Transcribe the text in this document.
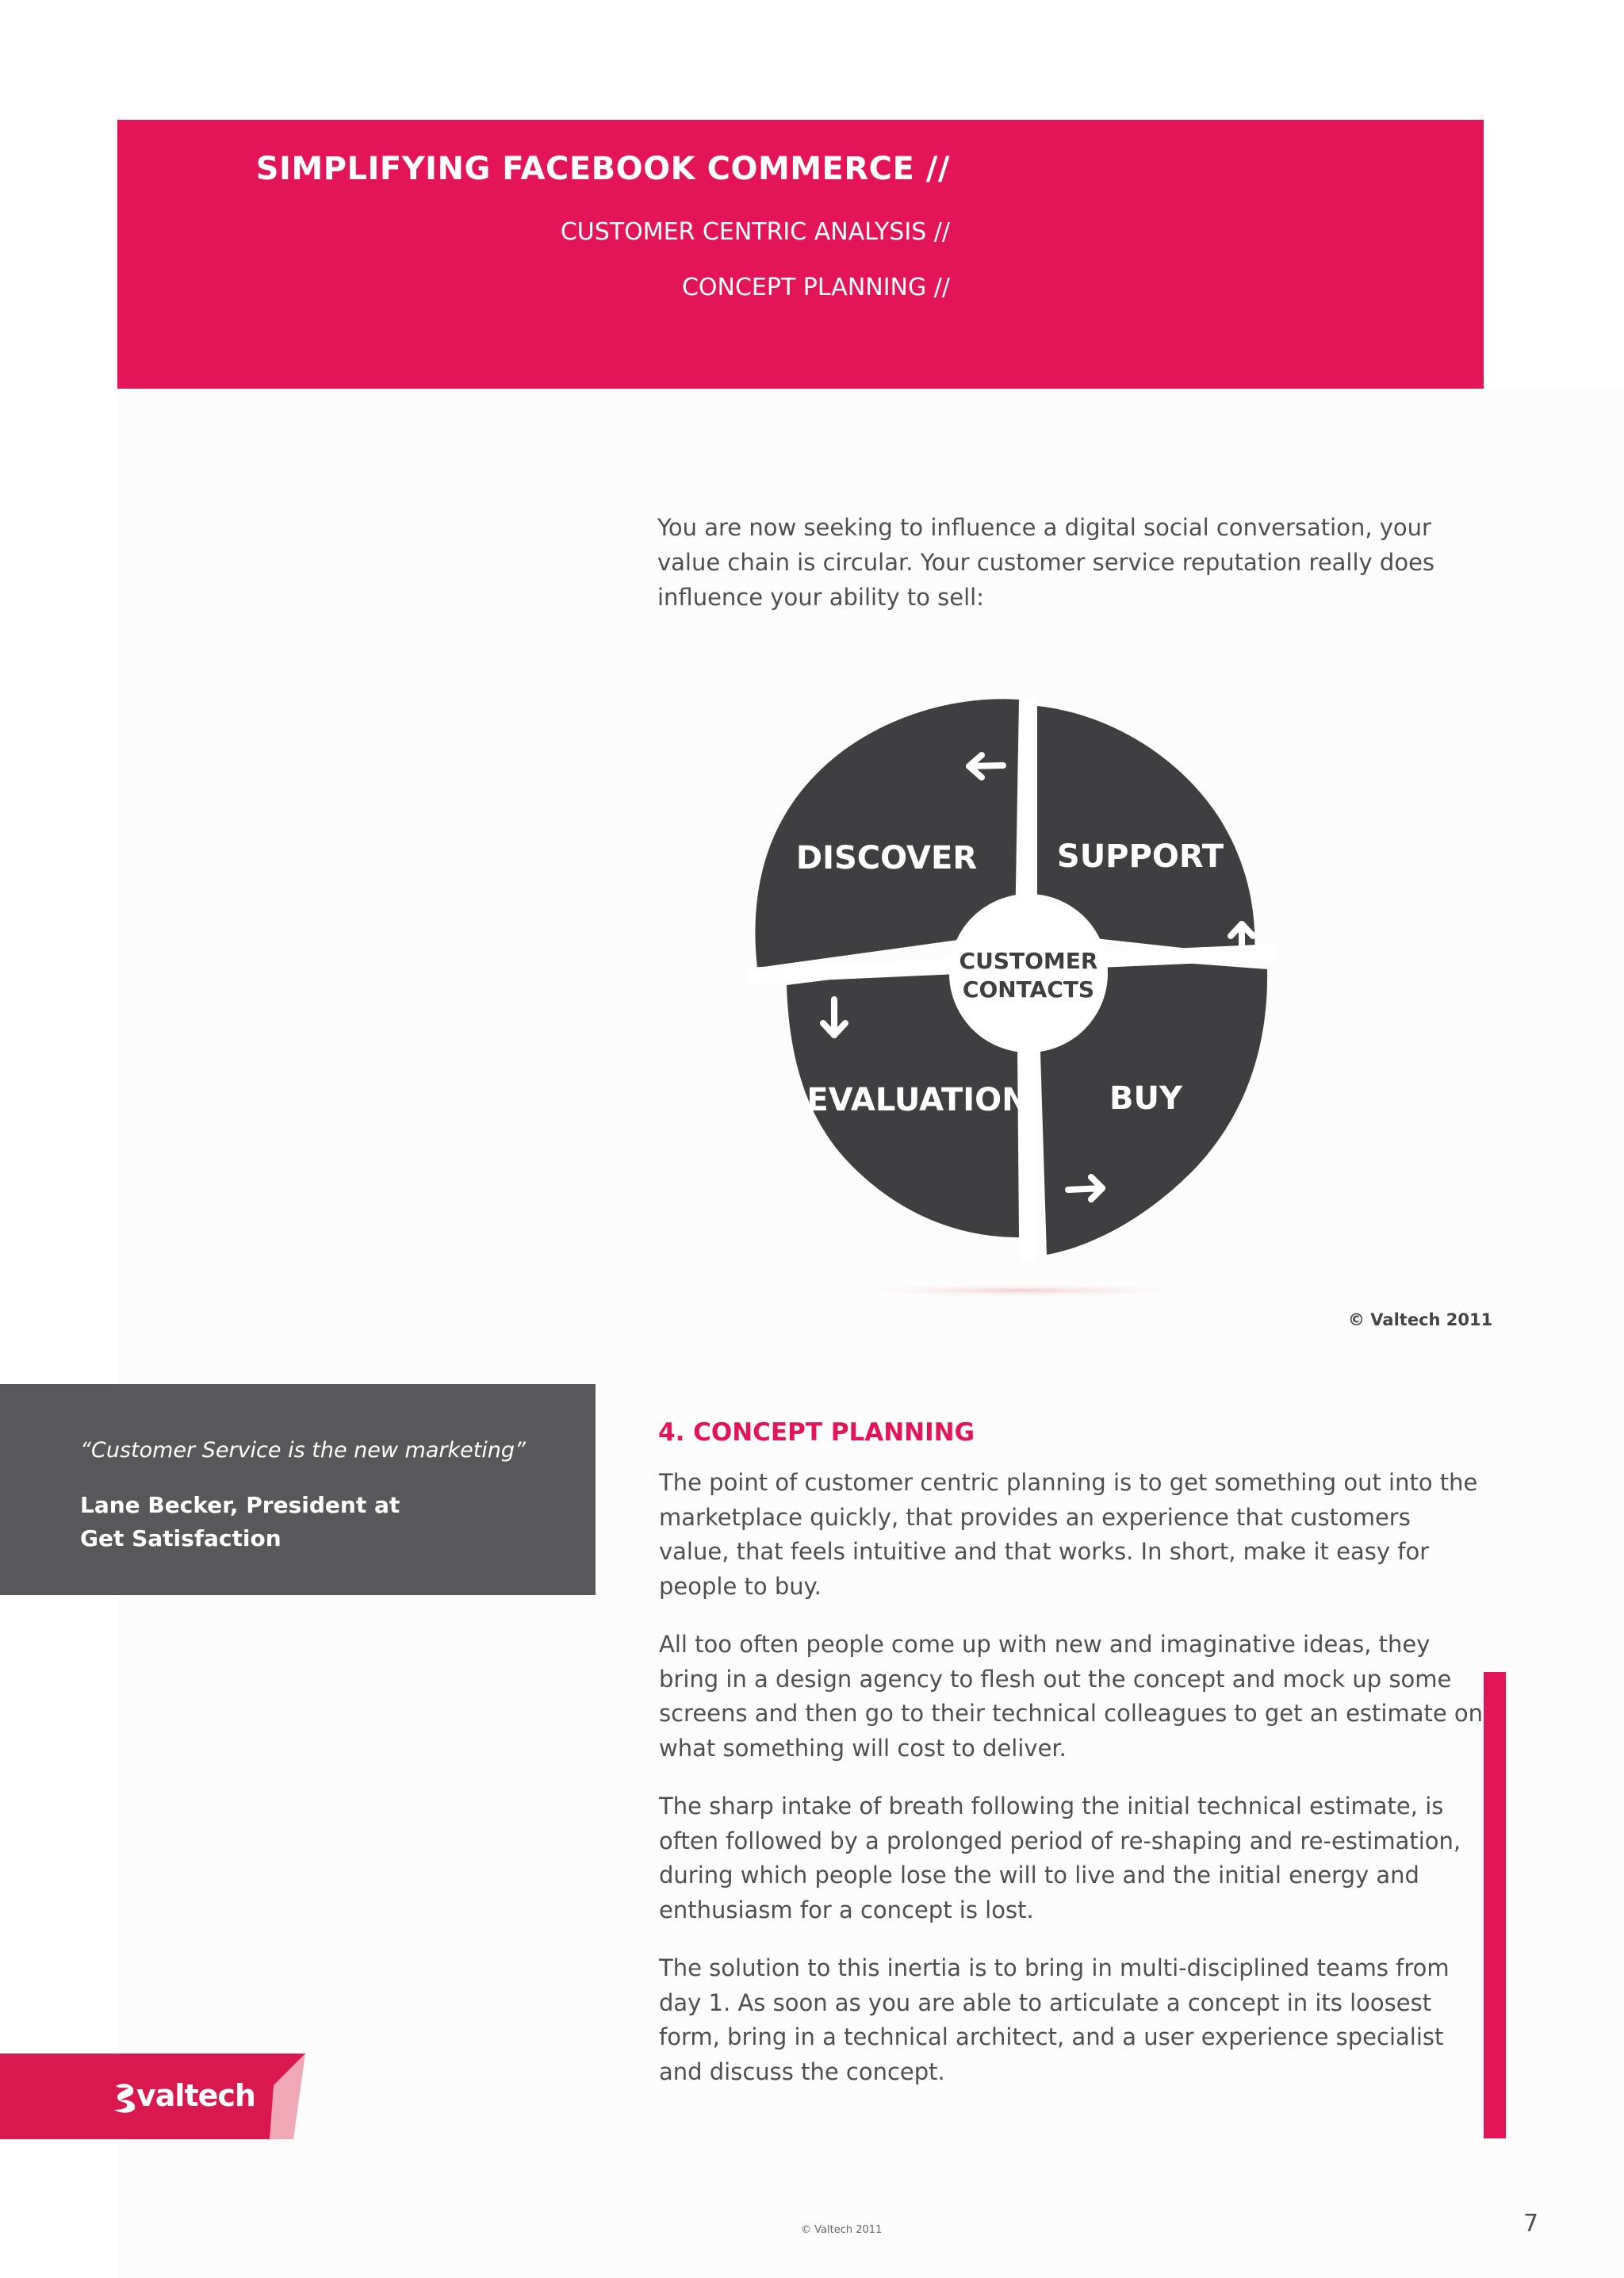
SIMPLIFYING FACEBOOK COMMERCE //
CUSTOMER CENTRIC ANALYSIS //
CONCEPT PLANNING //
You are now seeking to influence a digital social conversation, your value chain is circular. Your customer service reputation really does influence your ability to sell:
CUSTOMER
CONTACTS
DISCOVER	SUPPORT
EVALUATION	BUY
© Valtech 2011
“Customer Service is the new marketing”
Lane Becker, President at
Get Satisfaction
4. CONCEPT PLANNING

The point of customer centric planning is to get something out into the marketplace quickly, that provides an experience that customers value, that feels intuitive and that works. In short, make it easy for people to buy.

All too often people come up with new and imaginative ideas, they bring in a design agency to flesh out the concept and mock up some screens and then go to their technical colleagues to get an estimate on what something will cost to deliver.

The sharp intake of breath following the initial technical estimate, is often followed by a prolonged period of re-shaping and re-estimation, during which people lose the will to live and the initial energy and enthusiasm for a concept is lost.

The solution to this inertia is to bring in multi-disciplined teams from day 1. As soon as you are able to articulate a concept in its loosest form, bring in a technical architect, and a user experience specialist and discuss the concept.

valtech
© Valtech 2011	7
